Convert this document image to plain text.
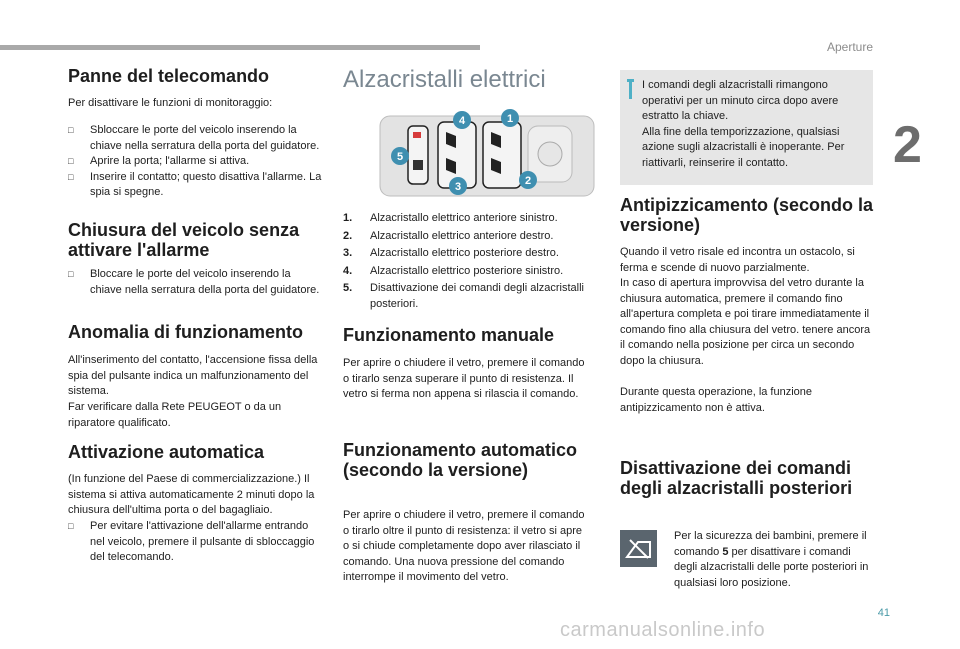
Aperture
2
41
carmanualsonline.info
Panne del telecomando

Per disattivare le funzioni di monitoraggio:

□ Sbloccare le porte del veicolo inserendo la chiave nella serratura della porta del guidatore.
□ Aprire la porta; l'allarme si attiva.
□ Inserire il contatto; questo disattiva l'allarme. La spia si spegne.
Chiusura del veicolo senza attivare l'allarme
□ Bloccare le porte del veicolo inserendo la chiave nella serratura della porta del guidatore.
Anomalia di funzionamento

All'inserimento del contatto, l'accensione fissa della spia del pulsante indica un malfunzionamento del sistema.

Far verificare dalla Rete PEUGEOT o da un riparatore qualificato.

Attivazione automatica

(In funzione del Paese di commercializzazione.) Il sistema si attiva automaticamente 2 minuti dopo la chiusura dell'ultima porta o del bagagliaio.

□ Per evitare l'attivazione dell'allarme entrando nel veicolo, premere il pulsante di sbloccaggio del telecomando.
Alzacristalli elettrici
4	1
5
3	2
1. Alzacristallo elettrico anteriore sinistro.
2. Alzacristallo elettrico anteriore destro.
3. Alzacristallo elettrico posteriore destro.
4. Alzacristallo elettrico posteriore sinistro.
5. Disattivazione dei comandi degli alzacristalli posteriori.
Funzionamento manuale

Per aprire o chiudere il vetro, premere il comando o tirarlo senza superare il punto di resistenza. Il vetro si ferma non appena si rilascia il comando.

Funzionamento automatico (secondo la versione)

Per aprire o chiudere il vetro, premere il comando o tirarlo oltre il punto di resistenza: il vetro si apre o si chiude completamente dopo aver rilasciato il comando. Una nuova pressione del comando interrompe il movimento del vetro.

I comandi degli alzacristalli rimangono operativi per un minuto circa dopo avere estratto la chiave.
Alla fine della temporizzazione, qualsiasi azione sugli alzacristalli è inoperante. Per riattivarli, reinserire il contatto.
Antipizzicamento (secondo la versione)

Quando il vetro risale ed incontra un ostacolo, si ferma e scende di nuovo parzialmente.

In caso di apertura improvvisa del vetro durante la chiusura automatica, premere il comando fino all'apertura completa e poi tirare immediatamente il comando fino alla chiusura del vetro. tenere ancora il comando nella posizione per circa un secondo dopo la chiusura.

Durante questa operazione, la funzione antipizzicamento non è attiva.

Disattivazione dei comandi degli alzacristalli posteriori

Per la sicurezza dei bambini, premere il comando 5 per disattivare i comandi degli alzacristalli delle porte posteriori in qualsiasi loro posizione.
